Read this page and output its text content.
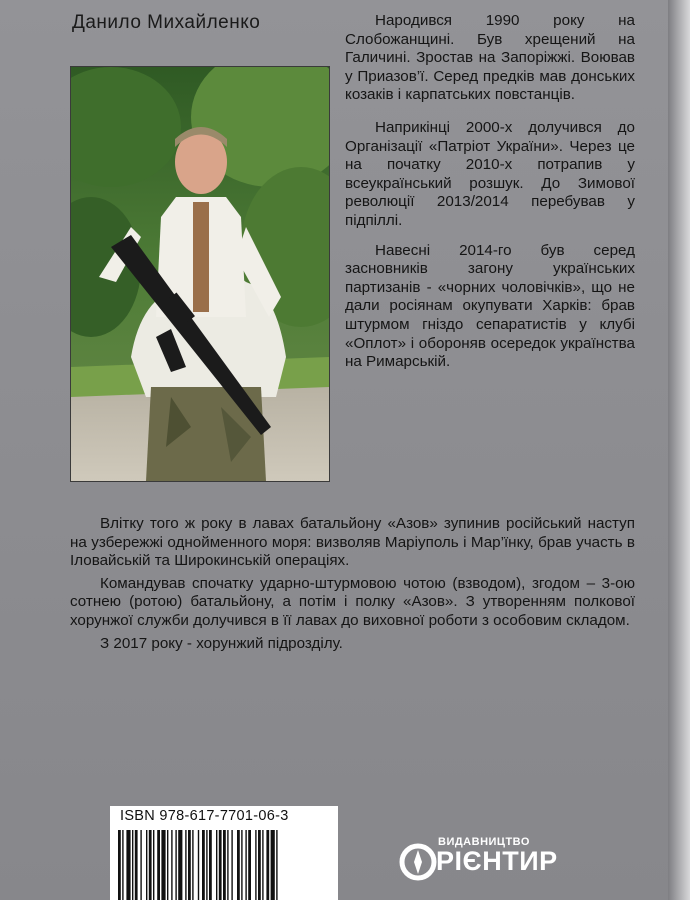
Данило Михайленко	Народився 1990 року на Слобожанщині. Був хрещений на Галичині. Зростав на Запоріжжі. Воював у Приазов’ї. Серед предків мав донських козаків і карпатських повстанців.

Наприкінці 2000-х долучився до Організації «Патріот України». Через це на початку 2010-х потрапив у всеукраїнський розшук. До Зимової революції 2013/2014 перебував у підпіллі.

Навесні 2014-го був серед засновників загону українських партизанів - «чорних чоловічків», що не дали росіянам окупувати Харків: брав штурмом гніздо сепаратистів у клубі «Оплот» і обороняв осередок українства на Римарській.

Влітку того ж року в лавах батальйону «Азов» зупинив російський наступ на узбережжі однойменного моря: визволяв Маріуполь і Мар’їнку, брав участь в Іловайській та Широкинській операціях.

Командував спочатку ударно-штурмовою чотою (взводом), згодом – 3-ою сотнею (ротою) батальйону, а потім і полку «Азов». З утворенням полкової хорунжої служби долучився в її лавах до виховної роботи з особовим складом.

З 2017 року - хорунжий підрозділу.

ISBN 978-617-7701-06-3
ВИДАВНИЦТВО
РІЄНТИР
